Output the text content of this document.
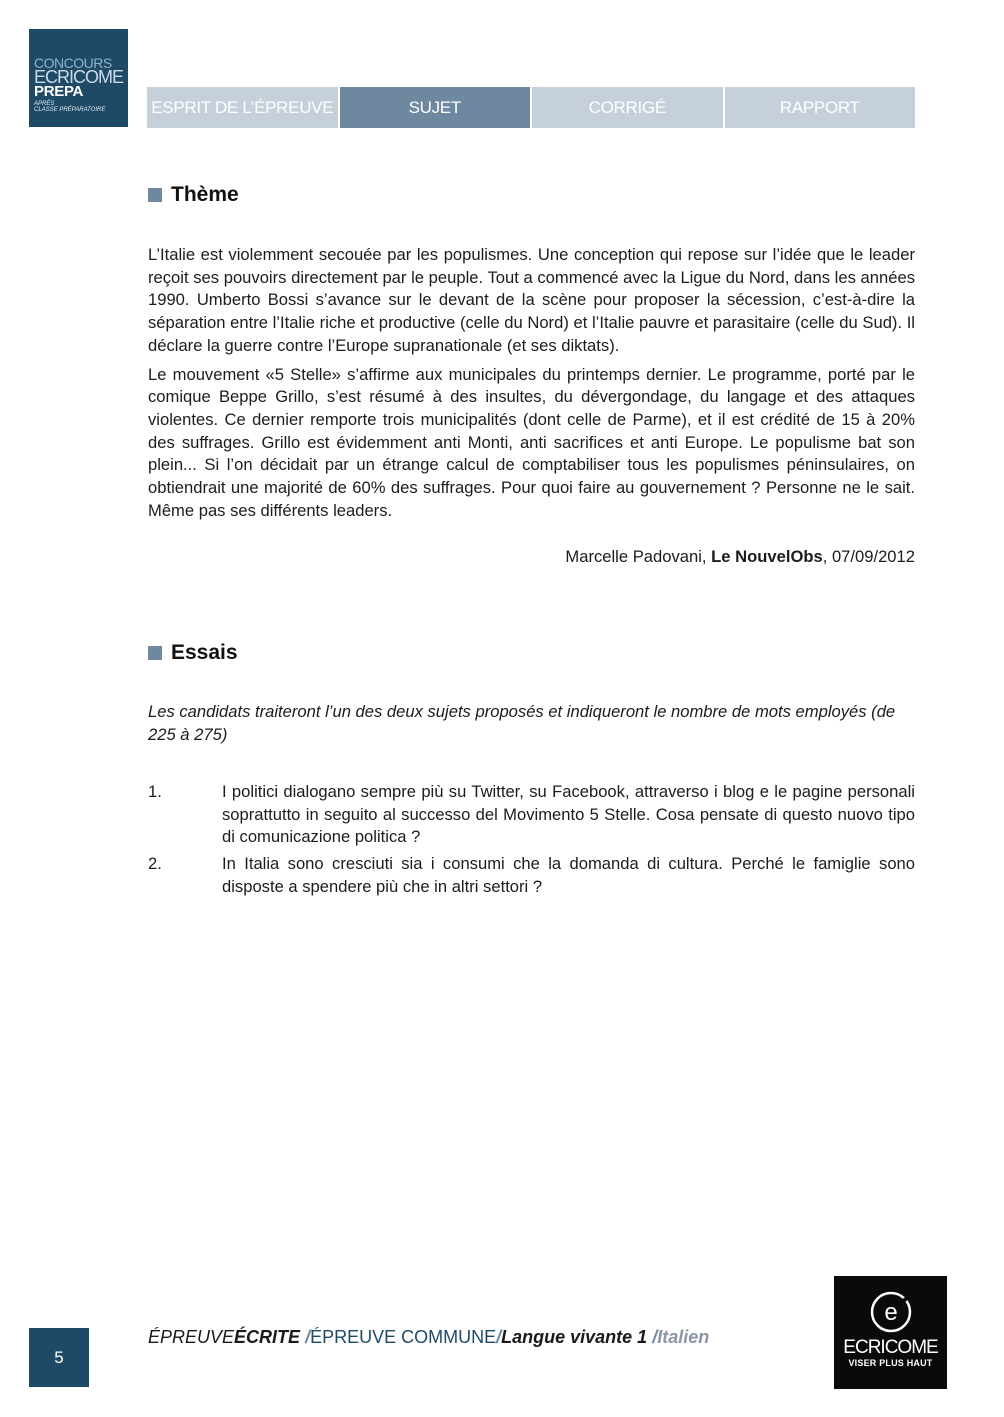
CONCOURS
ECRICOME
PREPA
APRÈS
CLASSE PRÉPARATOIRE	ESPRIT DE L’ÉPREUVE	SUJET	CORRIGÉ	RAPPORT
Thème

L’Italie est violemment secouée par les populismes. Une conception qui repose sur l’idée que le leader reçoit ses pouvoirs directement par le peuple. Tout a commencé avec la Ligue du Nord, dans les années 1990. Umberto Bossi s’avance sur le devant de la scène pour proposer la sécession, c’est-à-dire la séparation entre l’Italie riche et productive (celle du Nord) et l’Italie pauvre et parasitaire (celle du Sud). Il déclare la guerre contre l’Europe supranationale (et ses diktats).

Le mouvement «5 Stelle» s’affirme aux municipales du printemps dernier. Le programme, porté par le comique Beppe Grillo, s’est résumé à des insultes, du dévergondage, du langage et des attaques violentes. Ce dernier remporte trois municipalités (dont celle de Parme), et il est crédité de 15 à 20% des suffrages. Grillo est évidemment anti Monti, anti sacrifices et anti Europe. Le populisme bat son plein... Si l’on décidait par un étrange calcul de comptabiliser tous les populismes péninsulaires, on obtiendrait une majorité de 60% des suffrages. Pour quoi faire au gouvernement ? Personne ne le sait. Même pas ses différents leaders.

Marcelle Padovani, Le NouvelObs, 07/09/2012

Essais

Les candidats traiteront l’un des deux sujets proposés et indiqueront le nombre de mots employés (de 225 à 275)

1.	I politici dialogano sempre più su Twitter, su Facebook, attraverso i blog e le pagine personali soprattutto in seguito al successo del Movimento 5 Stelle. Cosa pensate di questo nuovo tipo di comunicazione politica ?
2.	In Italia sono cresciuti sia i consumi che la domanda di cultura. Perché le famiglie sono disposte a spendere più che in altri settori ?
5
ÉPREUVEÉCRITE /ÉPREUVE COMMUNE/Langue vivante 1 /Italien
e
ECRICOME
VISER PLUS HAUT
